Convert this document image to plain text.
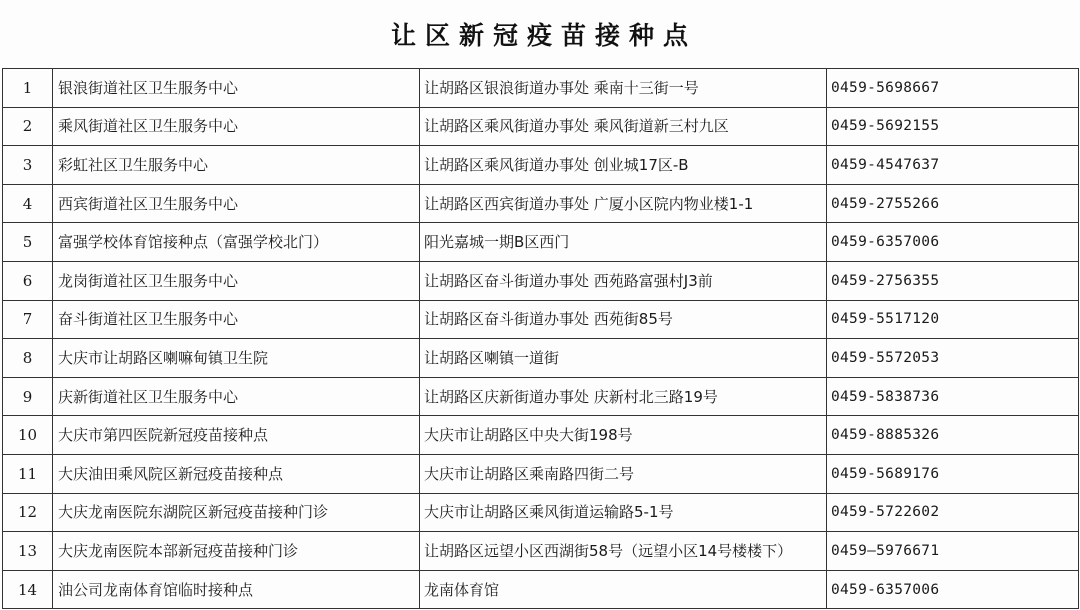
让区新冠疫苗接种点
1	银浪街道社区卫生服务中心	让胡路区银浪街道办事处 乘南十三街一号	0459-5698667
2	乘风街道社区卫生服务中心	让胡路区乘风街道办事处 乘风街道新三村九区	0459-5692155
3	彩虹社区卫生服务中心	让胡路区乘风街道办事处 创业城17区-B	0459-4547637
4	西宾街道社区卫生服务中心	让胡路区西宾街道办事处 广厦小区院内物业楼1-1	0459-2755266
5	富强学校体育馆接种点（富强学校北门）	阳光嘉城一期B区西门	0459-6357006
6	龙岗街道社区卫生服务中心	让胡路区奋斗街道办事处 西苑路富强村J3前	0459-2756355
7	奋斗街道社区卫生服务中心	让胡路区奋斗街道办事处 西苑街85号	0459-5517120
8	大庆市让胡路区喇嘛甸镇卫生院	让胡路区喇镇一道街	0459-5572053
9	庆新街道社区卫生服务中心	让胡路区庆新街道办事处 庆新村北三路19号	0459-5838736
10	大庆市第四医院新冠疫苗接种点	大庆市让胡路区中央大街198号	0459-8885326
11	大庆油田乘风院区新冠疫苗接种点	大庆市让胡路区乘南路四街二号	0459-5689176
12	大庆龙南医院东湖院区新冠疫苗接种门诊	大庆市让胡路区乘风街道运输路5-1号	0459-5722602
13	大庆龙南医院本部新冠疫苗接种门诊	让胡路区远望小区西湖街58号（远望小区14号楼楼下）	0459—5976671
14	油公司龙南体育馆临时接种点	龙南体育馆	0459-6357006
